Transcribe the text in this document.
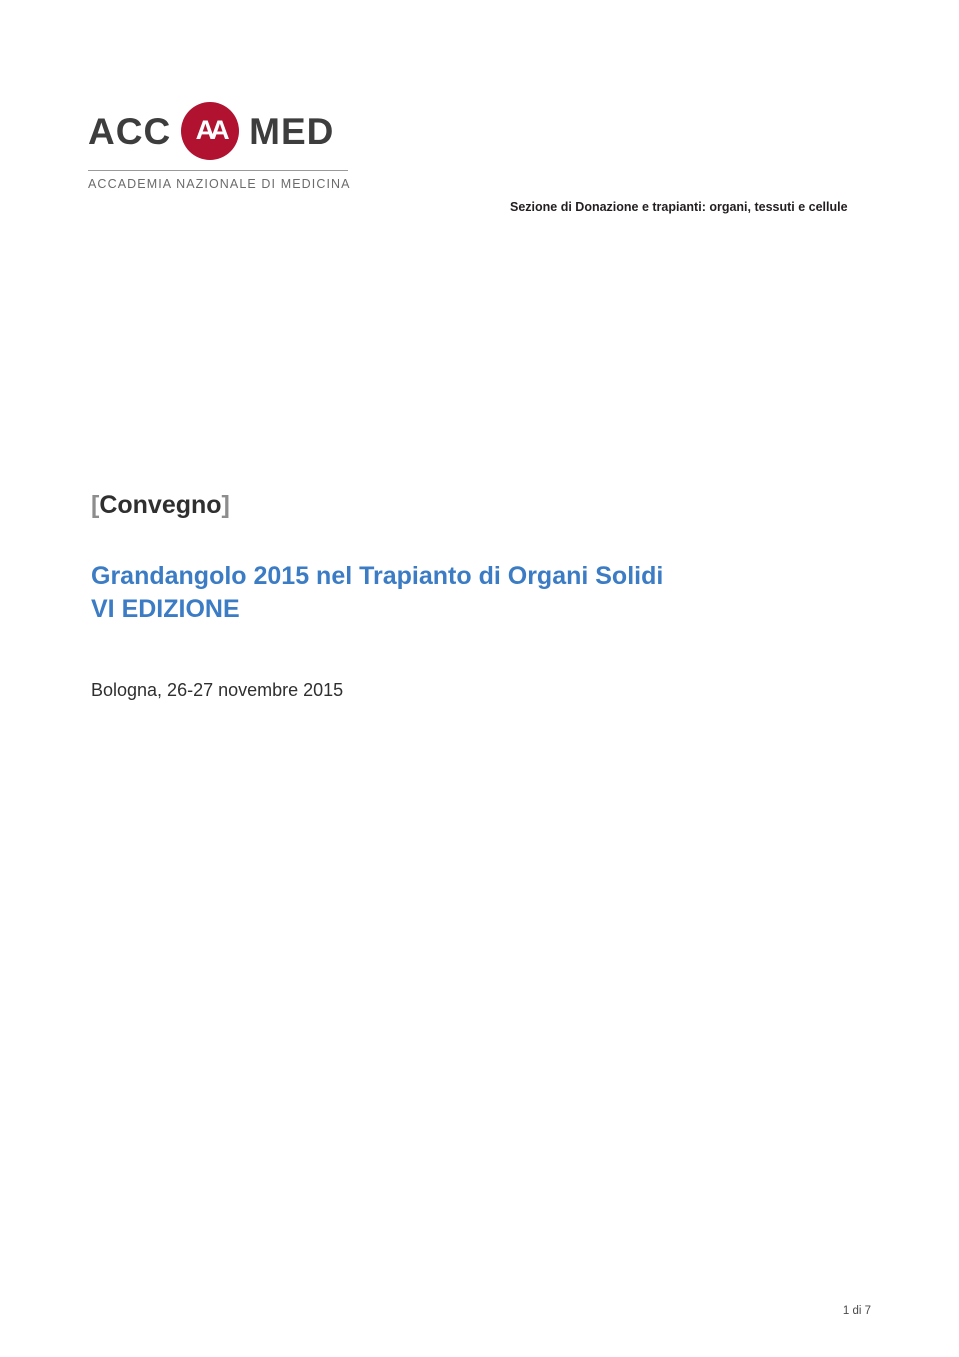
ACC AA MED
ACCADEMIA NAZIONALE DI MEDICINA
Sezione di Donazione e trapianti: organi, tessuti e cellule
[Convegno]
Grandangolo 2015 nel Trapianto di Organi Solidi
VI EDIZIONE
Bologna, 26-27 novembre 2015
1 di 7
